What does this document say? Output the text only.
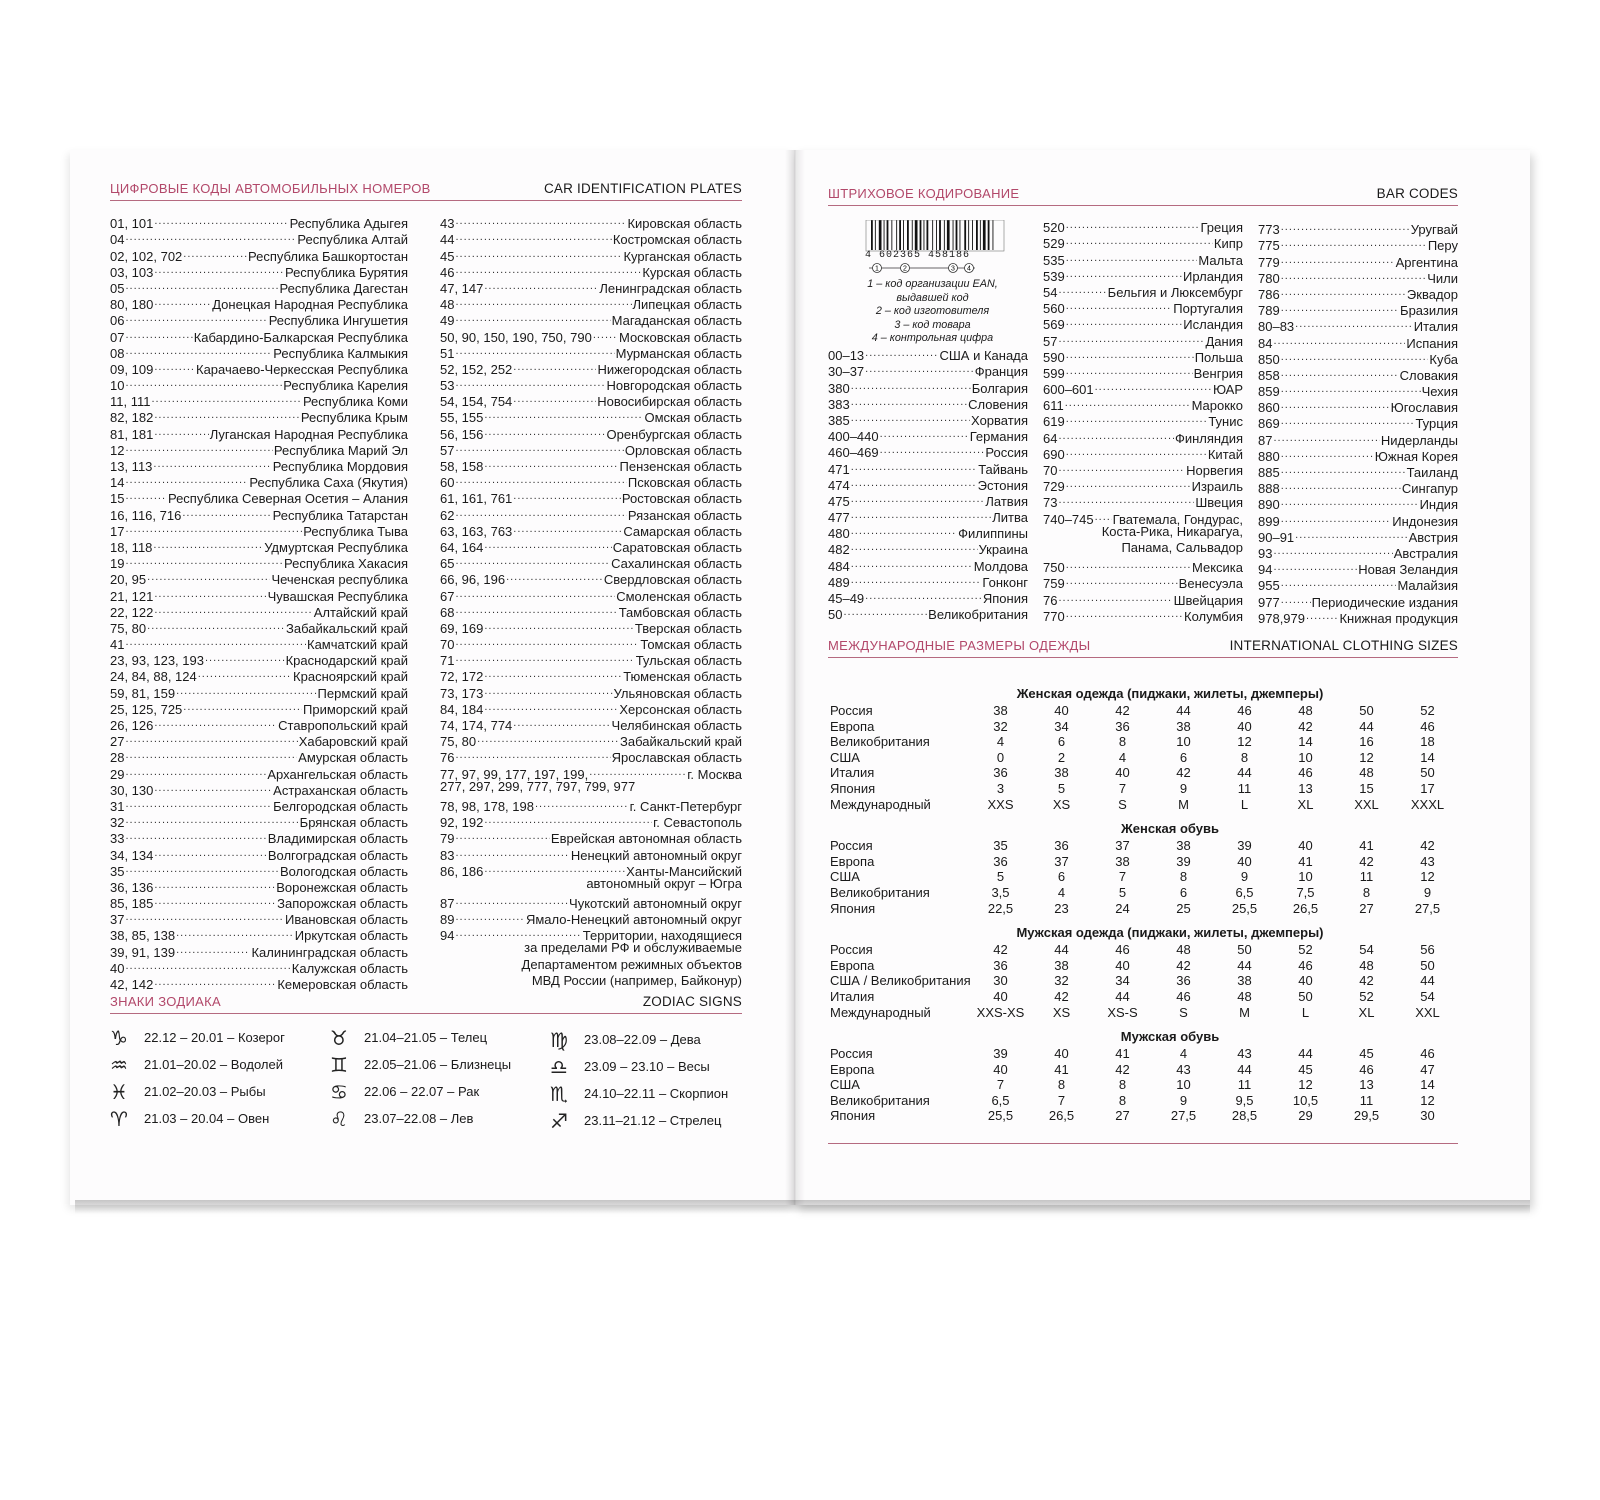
ЦИФРОВЫЕ КОДЫ АВТОМОБИЛЬНЫХ НОМЕРОВ	CAR IDENTIFICATION PLATES
01, 101 .....	Республика Адыгея
04 .....	Республика Алтай
02, 102, 702 .....	Республика Башкортостан
03, 103 .....	Республика Бурятия
05 .....	Республика Дагестан
80, 180 .....	Донецкая Народная Республика
06 .....	Республика Ингушетия
07 .....	Кабардино-Балкарская Республика
08 .....	Республика Калмыкия
09, 109 .....	Карачаево-Черкесская Республика
10 .....	Республика Карелия
11, 111 .....	Республика Коми
82, 182 .....	Республика Крым
81, 181 .....	Луганская Народная Республика
12 .....	Республика Марий Эл
13, 113 .....	Республика Мордовия
14 .....	Республика Саха (Якутия)
15 .....	Республика Северная Осетия – Алания
16, 116, 716 .....	Республика Татарстан
17 .....	Республика Тыва
18, 118 .....	Удмуртская Республика
19 .....	Республика Хакасия
20, 95 .....	Чеченская республика
21, 121 .....	Чувашская Республика
22, 122 .....	Алтайский край
75, 80 .....	Забайкальский край
41 .....	Камчатский край
23, 93, 123, 193 .....	Краснодарский край
24, 84, 88, 124 .....	Красноярский край
59, 81, 159 .....	Пермский край
25, 125, 725 .....	Приморский край
26, 126 .....	Ставропольский край
27 .....	Хабаровский край
28 .....	Амурская область
29 .....	Архангельская область
30, 130 .....	Астраханская область
31 .....	Белгородская область
32 .....	Брянская область
33 .....	Владимирская область
34, 134 .....	Волгоградская область
35 .....	Вологодская область
36, 136 .....	Воронежская область
85, 185 .....	Запорожская область
37 .....	Ивановская область
38, 85, 138 .....	Иркутская область
39, 91, 139 .....	Калининградская область
40 .....	Калужская область
42, 142 .....	Кемеровская область
43 .....	Кировская область
44 .....	Костромская область
45 .....	Курганская область
46 .....	Курская область
47, 147 .....	Ленинградская область
48 .....	Липецкая область
49 .....	Магаданская область
50, 90, 150, 190, 750, 790 ..... Московская область
51 .....	Мурманская область
52, 152, 252 .....	Нижегородская область
53 .....	Новгородская область
54, 154, 754 .....	Новосибирская область
55, 155 .....	Омская область
56, 156 .....	Оренбургская область
57 .....	Орловская область
58, 158 .....	Пензенская область
60 .....	Псковская область
61, 161, 761 .....	Ростовская область
62 .....	Рязанская область
63, 163, 763 .....	Самарская область
64, 164 .....	Саратовская область
65 .....	Сахалинская область
66, 96, 196 .....	Свердловская область
67 .....	Смоленская область
68 .....	Тамбовская область
69, 169 .....	Тверская область
70 .....	Томская область
71 .....	Тульская область
72, 172 .....	Тюменская область
73, 173 .....	Ульяновская область
84, 184 .....	Херсонская область
74, 174, 774 .....	Челябинская область
75, 80 .....	Забайкальский край
76 .....	Ярославская область
77, 97, 99, 177, 197, 199, .....	г. Москва
277, 297, 299, 777, 797, 799, 977
78, 98, 178, 198 .....	г. Санкт-Петербург
92, 192 .....	г. Севастополь
79 .....	Еврейская автономная область
83 .....	Ненецкий автономный округ
86, 186 .....	Ханты-Мансийский
автономный округ – Югра
87 .....	Чукотский автономный округ
89 .....	Ямало-Ненецкий автономный округ
94 .....	Территории, находящиеся
за пределами РФ и обслуживаемые
Департаментом режимных объектов
МВД России (например, Байконур)
ЗНАКИ ЗОДИАКА	ZODIAC SIGNS
♑	22.12 – 20.01 – Козерог
♒	21.01–20.02 – Водолей
♓	21.02–20.03 – Рыбы
♈	21.03 – 20.04 – Овен
♉	21.04–21.05 – Телец
♊	22.05–21.06 – Близнецы
♋	22.06 – 22.07 – Рак
♌	23.07–22.08 – Лев
♍	23.08–22.09 – Дева
♎	23.09 – 23.10 – Весы
♏	24.10–22.11 – Скорпион
♐	23.11–21.12 – Стрелец
ШТРИХОВОЕ КОДИРОВАНИЕ	BAR CODES
4 602365 458186
1	2	3 4
1 – код организации EAN,
выдавшей код
2 – код изготовителя
3 – код товара
4 – контрольная цифра
00–13 .....	США и Канада
30–37 .....	Франция
380 .....	Болгария
383 .....	Словения
385 .....	Хорватия
400–440 .....	Германия
460–469 .....	Россия
471 .....	Тайвань
474 .....	Эстония
475 .....	Латвия
477 .....	Литва
480 .....	Филиппины
482 .....	Украина
484 .....	Молдова
489 .....	Гонконг
45–49 .....	Япония
50 .....	Великобритания
520 .....	Греция
529 .....	Кипр
535 .....	Мальта
539 .....	Ирландия
54 .....	Бельгия и Люксембург
560 .....	Португалия
569 .....	Исландия
57 .....	Дания
590 .....	Польша
599 .....	Венгрия
600–601 .....	ЮАР
611 .....	Марокко
619 .....	Тунис
64 .....	Финляндия
690 .....	Китай
70 .....	Норвегия
729 .....	Израиль
73 .....	Швеция
740–745 ..... Гватемала, Гондурас,
Коста-Рика, Никарагуа,
Панама, Сальвадор
750 .....	Мексика
759 .....	Венесуэла
76 .....	Швейцария
770 .....	Колумбия
773 .....	Уругвай
775 .....	Перу
779 .....	Аргентина
780 .....	Чили
786 .....	Эквадор
789 .....	Бразилия
80–83 .....	Италия
84 .....	Испания
850 .....	Куба
858 .....	Словакия
859 .....	Чехия
860 .....	Югославия
869 .....	Турция
87 .....	Нидерланды
880 .....	Южная Корея
885 .....	Таиланд
888 .....	Сингапур
890 .....	Индия
899 .....	Индонезия
90–91 .....	Австрия
93 .....	Австралия
94 .....	Новая Зеландия
955 .....	Малайзия
977 ..... Периодические издания
978,979 .....	Книжная продукция
МЕЖДУНАРОДНЫЕ РАЗМЕРЫ ОДЕЖДЫ	INTERNATIONAL CLOTHING SIZES
Женская одежда (пиджаки, жилеты, джемперы)
Россия	38	40	42	44	46	48	50	52
Европа	32	34	36	38	40	42	44	46
Великобритания	4	6	8	10	12	14	16	18
США	0	2	4	6	8	10	12	14
Италия	36	38	40	42	44	46	48	50
Япония	3	5	7	9	11	13	15	17
Международный	XXS	XS	S	M	L	XL	XXL	XXXL
Женская обувь
Россия	35	36	37	38	39	40	41	42
Европа	36	37	38	39	40	41	42	43
США	5	6	7	8	9	10	11	12
Великобритания	3,5	4	5	6	6,5	7,5	8	9
Япония	22,5	23	24	25	25,5	26,5	27	27,5
Мужская одежда (пиджаки, жилеты, джемперы)
Россия	42	44	46	48	50	52	54	56
Европа	36	38	40	42	44	46	48	50
США / Великобритания	30	32	34	36	38	40	42	44
Италия	40	42	44	46	48	50	52	54
Международный	XXS-XS	XS	XS-S	S	M	L	XL	XXL
Мужская обувь
Россия	39	40	41	4	43	44	45	46
Европа	40	41	42	43	44	45	46	47
США	7	8	8	10	11	12	13	14
Великобритания	6,5	7	8	9	9,5	10,5	11	12
Япония	25,5	26,5	27	27,5	28,5	29	29,5	30
